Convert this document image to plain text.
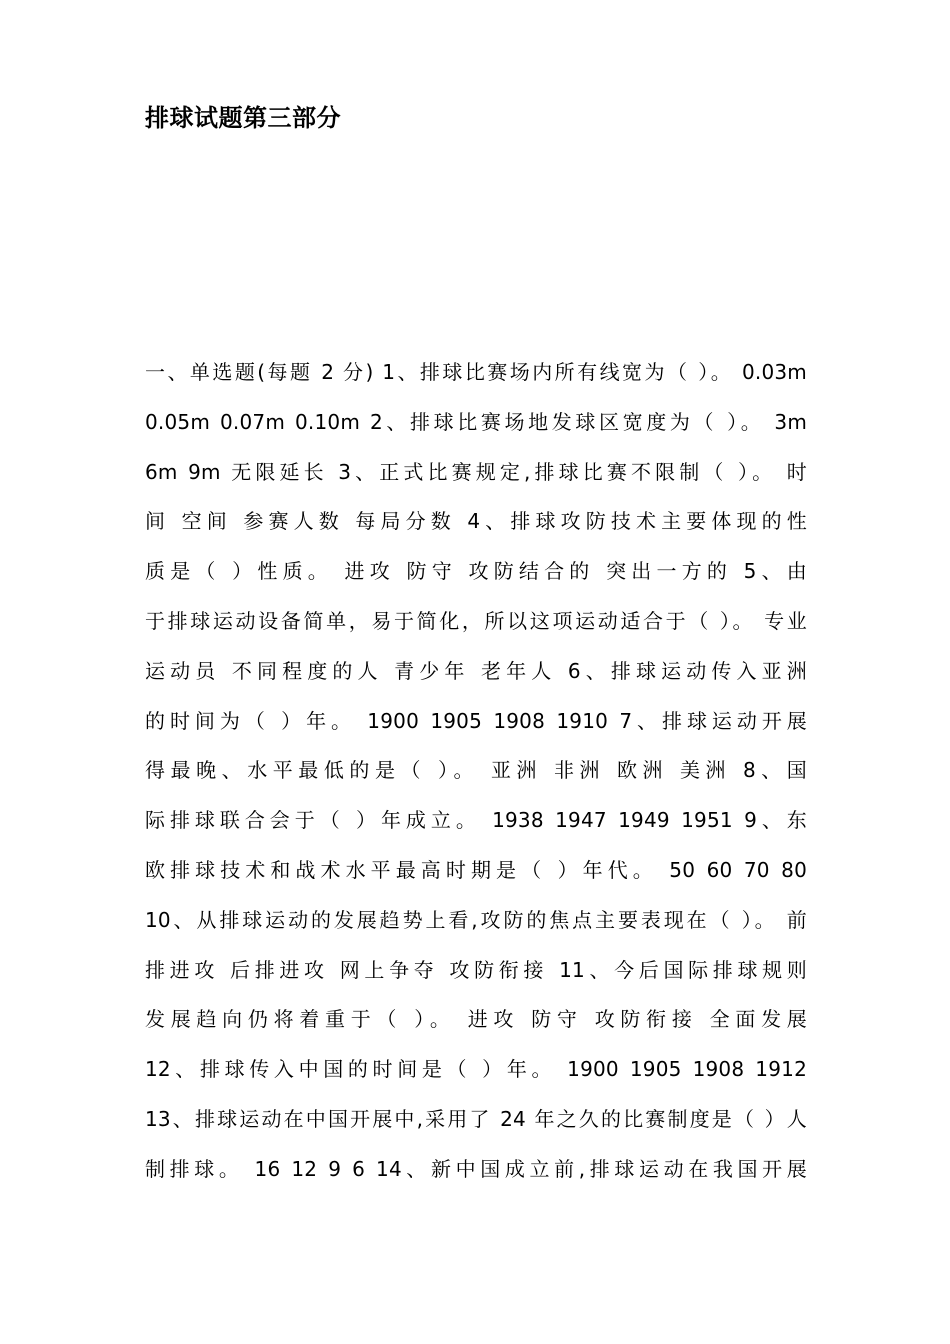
排球试题第三部分
一、单选题(每题 2 分) 1、排球比赛场内所有线宽为（ ）。 0.03m
0.05m 0.07m 0.10m 2、排球比赛场地发球区宽度为（ ）。 3m
6m 9m 无限延长 3、正式比赛规定,排球比赛不限制（ ）。 时
间 空间 参赛人数 每局分数 4、排球攻防技术主要体现的性
质是（ ）性质。 进攻 防守 攻防结合的 突出一方的 5、由
于排球运动设备简单，易于简化，所以这项运动适合于（ ）。 专业
运动员 不同程度的人 青少年 老年人 6、排球运动传入亚洲
的时间为（ ）年。 1900 1905 1908 1910 7、排球运动开展
得最晚、水平最低的是（ ）。 亚洲 非洲 欧洲 美洲 8、国
际排球联合会于（ ）年成立。 1938 1947 1949 1951 9、东
欧排球技术和战术水平最高时期是（ ）年代。 50 60 70 80
10、从排球运动的发展趋势上看,攻防的焦点主要表现在（ ）。 前
排进攻 后排进攻 网上争夺 攻防衔接 11、今后国际排球规则
发展趋向仍将着重于（ ）。 进攻 防守 攻防衔接 全面发展
12、排球传入中国的时间是（ ）年。 1900 1905 1908 1912
13、排球运动在中国开展中,采用了 24 年之久的比赛制度是（ ）人
制排球。 16 12 9 6 14、新中国成立前,排球运动在我国开展
